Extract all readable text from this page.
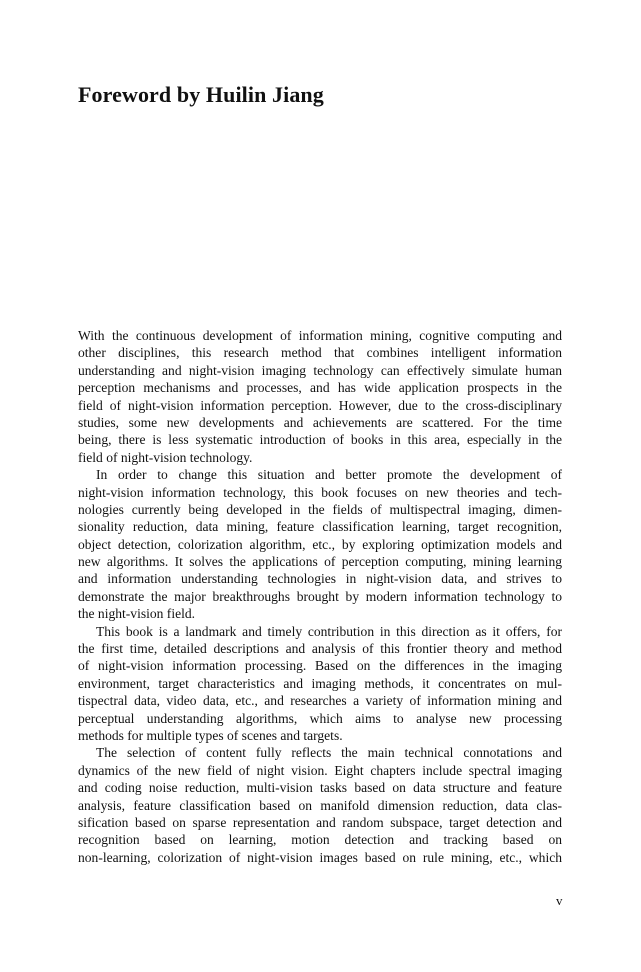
Foreword by Huilin Jiang
With the continuous development of information mining, cognitive computing and
other disciplines, this research method that combines intelligent information
understanding and night-vision imaging technology can effectively simulate human
perception mechanisms and processes, and has wide application prospects in the
field of night-vision information perception. However, due to the cross-disciplinary
studies, some new developments and achievements are scattered. For the time
being, there is less systematic introduction of books in this area, especially in the
field of night-vision technology.
In order to change this situation and better promote the development of
night-vision information technology, this book focuses on new theories and tech-
nologies currently being developed in the fields of multispectral imaging, dimen-
sionality reduction, data mining, feature classification learning, target recognition,
object detection, colorization algorithm, etc., by exploring optimization models and
new algorithms. It solves the applications of perception computing, mining learning
and information understanding technologies in night-vision data, and strives to
demonstrate the major breakthroughs brought by modern information technology to
the night-vision field.
This book is a landmark and timely contribution in this direction as it offers, for
the first time, detailed descriptions and analysis of this frontier theory and method
of night-vision information processing. Based on the differences in the imaging
environment, target characteristics and imaging methods, it concentrates on mul-
tispectral data, video data, etc., and researches a variety of information mining and
perceptual understanding algorithms, which aims to analyse new processing
methods for multiple types of scenes and targets.
The selection of content fully reflects the main technical connotations and
dynamics of the new field of night vision. Eight chapters include spectral imaging
and coding noise reduction, multi-vision tasks based on data structure and feature
analysis, feature classification based on manifold dimension reduction, data clas-
sification based on sparse representation and random subspace, target detection and
recognition based on learning, motion detection and tracking based on
non-learning, colorization of night-vision images based on rule mining, etc., which
v
